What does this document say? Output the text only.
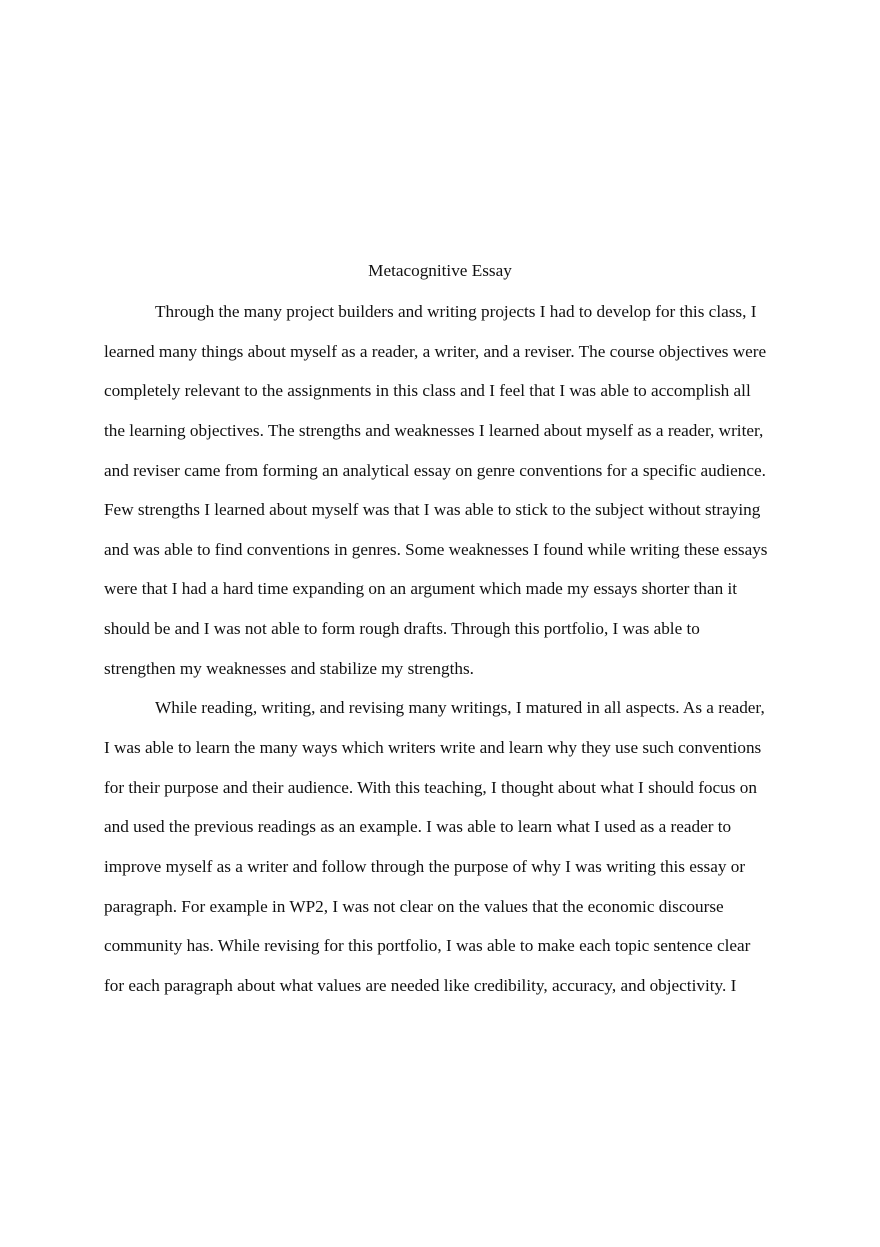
Metacognitive Essay
Through the many project builders and writing projects I had to develop for this class, I
learned many things about myself as a reader, a writer, and a reviser. The course objectives were
completely relevant to the assignments in this class and I feel that I was able to accomplish all
the learning objectives. The strengths and weaknesses I learned about myself as a reader, writer,
and reviser came from forming an analytical essay on genre conventions for a specific audience.
Few strengths I learned about myself was that I was able to stick to the subject without straying
and was able to find conventions in genres. Some weaknesses I found while writing these essays
were that I had a hard time expanding on an argument which made my essays shorter than it
should be and I was not able to form rough drafts. Through this portfolio, I was able to
strengthen my weaknesses and stabilize my strengths.
While reading, writing, and revising many writings, I matured in all aspects. As a reader,
I was able to learn the many ways which writers write and learn why they use such conventions
for their purpose and their audience. With this teaching, I thought about what I should focus on
and used the previous readings as an example. I was able to learn what I used as a reader to
improve myself as a writer and follow through the purpose of why I was writing this essay or
paragraph. For example in WP2, I was not clear on the values that the economic discourse
community has. While revising for this portfolio, I was able to make each topic sentence clear
for each paragraph about what values are needed like credibility, accuracy, and objectivity. I
